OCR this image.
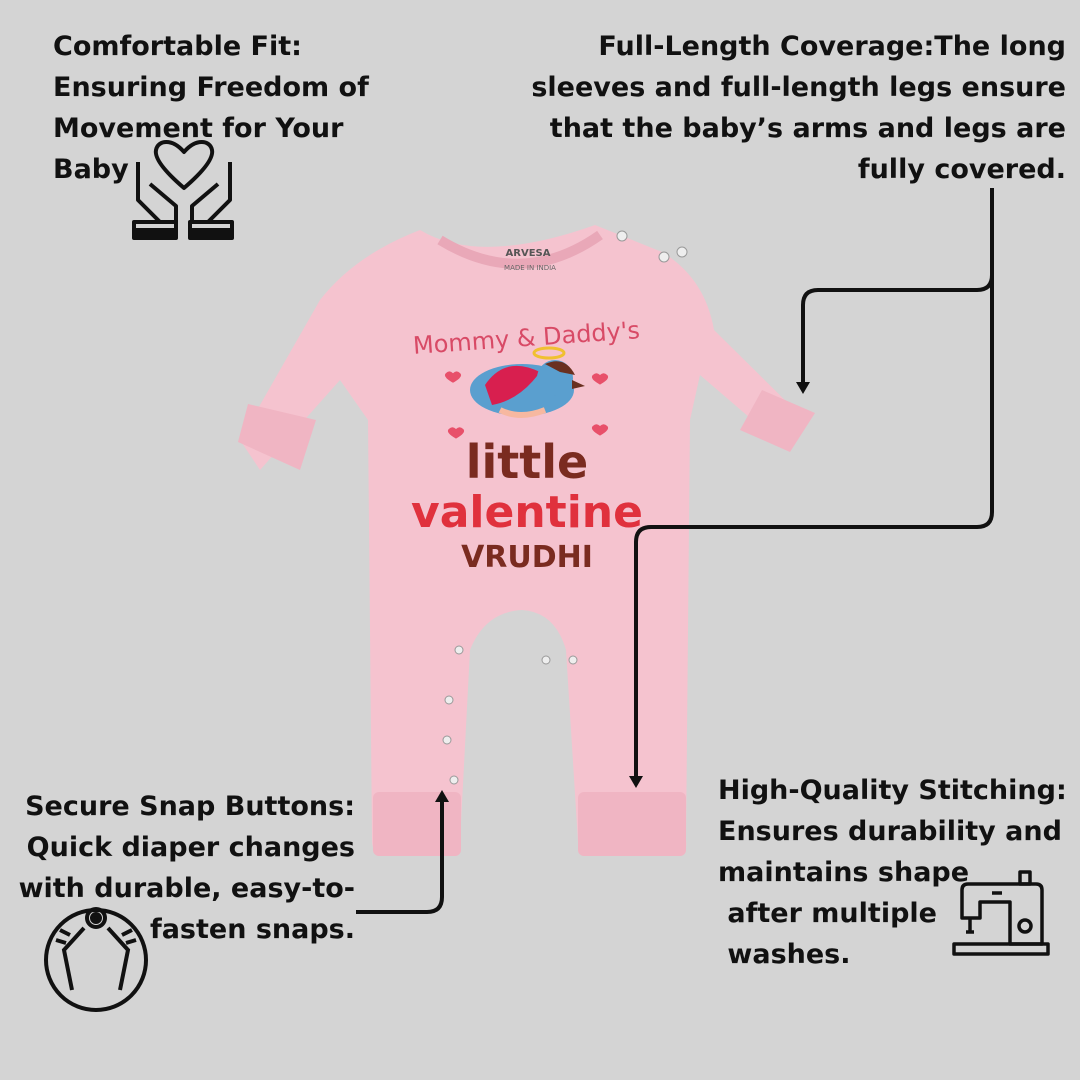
ARVESA
MADE IN INDIA
Mommy & Daddy's
little
valentine
VRUDHI
Comfortable Fit:
Ensuring Freedom of
Movement for Your
Baby
Full-Length Coverage:The long
sleeves and full-length legs ensure
that the baby’s arms and legs are
fully covered.
Secure Snap Buttons:
Quick diaper changes
with durable, easy-to-
fasten snaps.
High-Quality Stitching:
Ensures durability and
maintains shape
after multiple
washes.
